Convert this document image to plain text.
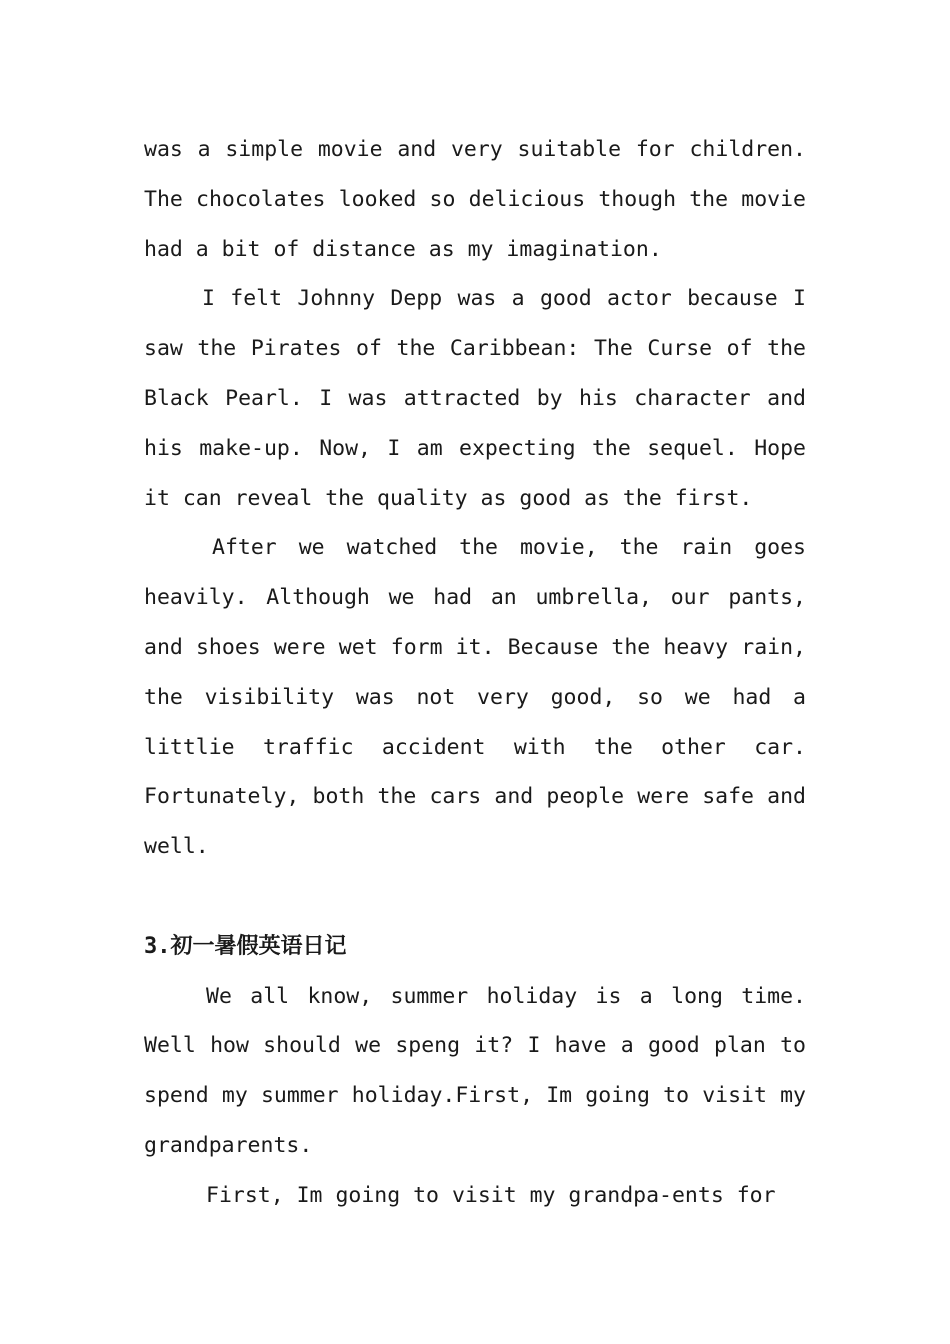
was a simple movie and very suitable for children. The chocolates looked so delicious though the movie had a bit of distance as my imagination.

I felt Johnny Depp was a good actor because I saw the Pirates of the Caribbean: The Curse of the Black Pearl. I was attracted by his character and his make-up. Now, I am expecting the sequel. Hope it can reveal the quality as good as the first.

After we watched the movie, the rain goes heavily. Although we had an umbrella, our pants, and shoes were wet form it. Because the heavy rain, the visibility was not very good, so we had a littlie traffic accident with the other car. Fortunately, both the cars and people were safe and well.

3.初一暑假英语日记

We all know, summer holiday is a long time. Well how should we speng it? I have a good plan to spend my summer holiday.First, Im going to visit my grandparents.

First, Im going to visit my grandpa-ents for
